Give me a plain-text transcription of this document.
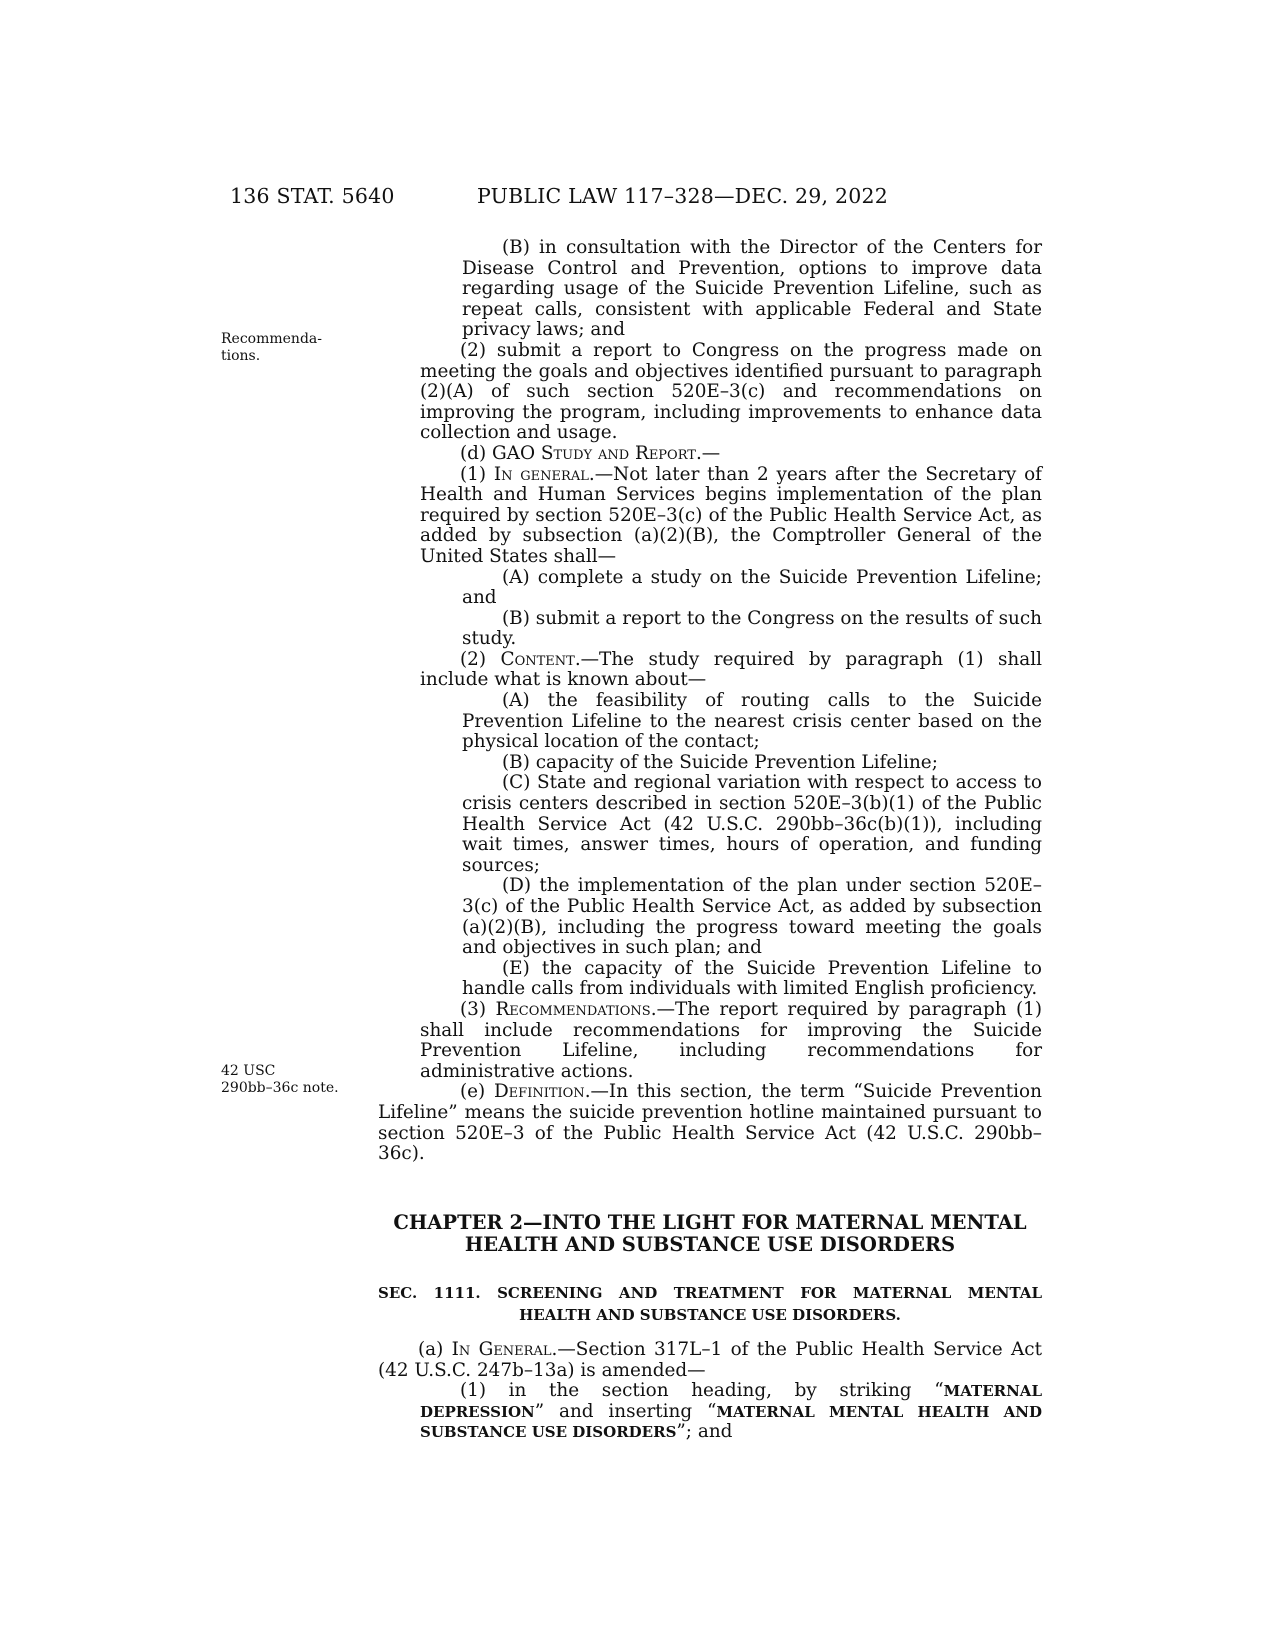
136 STAT. 5640	PUBLIC LAW 117–328—DEC. 29, 2022
Recommenda-
tions.
42 USC
290bb–36c note.

(B) in consultation with the Director of the Centers for Disease Control and Prevention, options to improve data regarding usage of the Suicide Prevention Lifeline, such as repeat calls, consistent with applicable Federal and State privacy laws; and

(2) submit a report to Congress on the progress made on meeting the goals and objectives identified pursuant to paragraph (2)(A) of such section 520E–3(c) and recommendations on improving the program, including improvements to enhance data collection and usage.

(d) GAO Study and Report.—

(1) In general.—Not later than 2 years after the Secretary of Health and Human Services begins implementation of the plan required by section 520E–3(c) of the Public Health Service Act, as added by subsection (a)(2)(B), the Comptroller General of the United States shall—

(A) complete a study on the Suicide Prevention Lifeline; and

(B) submit a report to the Congress on the results of such study.

(2) Content.—The study required by paragraph (1) shall include what is known about—

(A) the feasibility of routing calls to the Suicide Prevention Lifeline to the nearest crisis center based on the physical location of the contact;

(B) capacity of the Suicide Prevention Lifeline;

(C) State and regional variation with respect to access to crisis centers described in section 520E–3(b)(1) of the Public Health Service Act (42 U.S.C. 290bb–36c(b)(1)), including wait times, answer times, hours of operation, and funding sources;

(D) the implementation of the plan under section 520E–3(c) of the Public Health Service Act, as added by subsection (a)(2)(B), including the progress toward meeting the goals and objectives in such plan; and

(E) the capacity of the Suicide Prevention Lifeline to handle calls from individuals with limited English proficiency.

(3) Recommendations.—The report required by paragraph (1) shall include recommendations for improving the Suicide Prevention Lifeline, including recommendations for administrative actions.

(e) Definition.—In this section, the term “Suicide Prevention Lifeline” means the suicide prevention hotline maintained pursuant to section 520E–3 of the Public Health Service Act (42 U.S.C. 290bb–36c).

CHAPTER 2—INTO THE LIGHT FOR MATERNAL MENTAL
HEALTH AND SUBSTANCE USE DISORDERS
SEC. 1111. SCREENING AND TREATMENT FOR MATERNAL MENTAL
HEALTH AND SUBSTANCE USE DISORDERS.

(a) In General.—Section 317L–1 of the Public Health Service Act (42 U.S.C. 247b–13a) is amended—

(1) in the section heading, by striking “MATERNAL DEPRESSION” and inserting “MATERNAL MENTAL HEALTH AND SUBSTANCE USE DISORDERS”; and
